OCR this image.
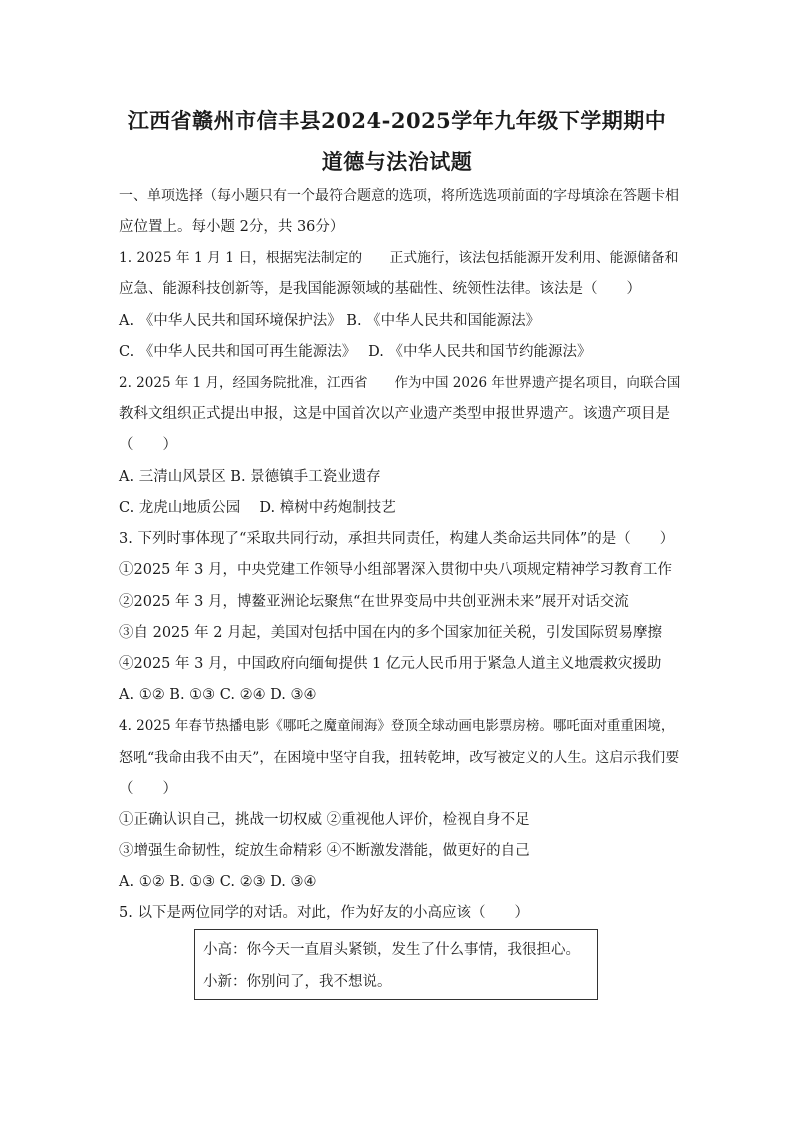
江西省赣州市信丰县2024-2025学年九年级下学期期中
道德与法治试题
一、单项选择（每小题只有一个最符合题意的选项，将所选选项前面的字母填涂在答题卡相
应位置上。每小题 2分，共 36分）
1. 2025 年 1 月 1 日，根据宪法制定的　　正式施行，该法包括能源开发利用、能源储备和
应急、能源科技创新等，是我国能源领域的基础性、统领性法律。该法是（　　）
A. 《中华人民共和国环境保护法》 B. 《中华人民共和国能源法》
C. 《中华人民共和国可再生能源法》　 D. 《中华人民共和国节约能源法》
2. 2025 年 1 月，经国务院批准，江西省　　作为中国 2026 年世界遗产提名项目，向联合国
教科文组织正式提出申报，这是中国首次以产业遗产类型申报世界遗产。该遗产项目是
（　　）
A. 三清山风景区 B. 景德镇手工瓷业遗存
C. 龙虎山地质公园　 D. 樟树中药炮制技艺
3. 下列时事体现了“采取共同行动，承担共同责任，构建人类命运共同体”的是（　　）
①2025 年 3 月，中央党建工作领导小组部署深入贯彻中央八项规定精神学习教育工作
②2025 年 3 月，博鳌亚洲论坛聚焦“在世界变局中共创亚洲未来”展开对话交流
③自 2025 年 2 月起，美国对包括中国在内的多个国家加征关税，引发国际贸易摩擦
④2025 年 3 月，中国政府向缅甸提供 1 亿元人民币用于紧急人道主义地震救灾援助
A. ①② B. ①③ C. ②④ D. ③④
4. 2025 年春节热播电影《哪吒之魔童闹海》登顶全球动画电影票房榜。哪吒面对重重困境，
怒吼“我命由我不由天”，在困境中坚守自我，扭转乾坤，改写被定义的人生。这启示我们要
（　　）
①正确认识自己，挑战一切权威 ②重视他人评价，检视自身不足
③增强生命韧性，绽放生命精彩 ④不断激发潜能，做更好的自己
A. ①② B. ①③ C. ②③ D. ③④
5. 以下是两位同学的对话。对此，作为好友的小高应该（　　）
小高：你今天一直眉头紧锁，发生了什么事情，我很担心。
小新：你别问了，我不想说。
